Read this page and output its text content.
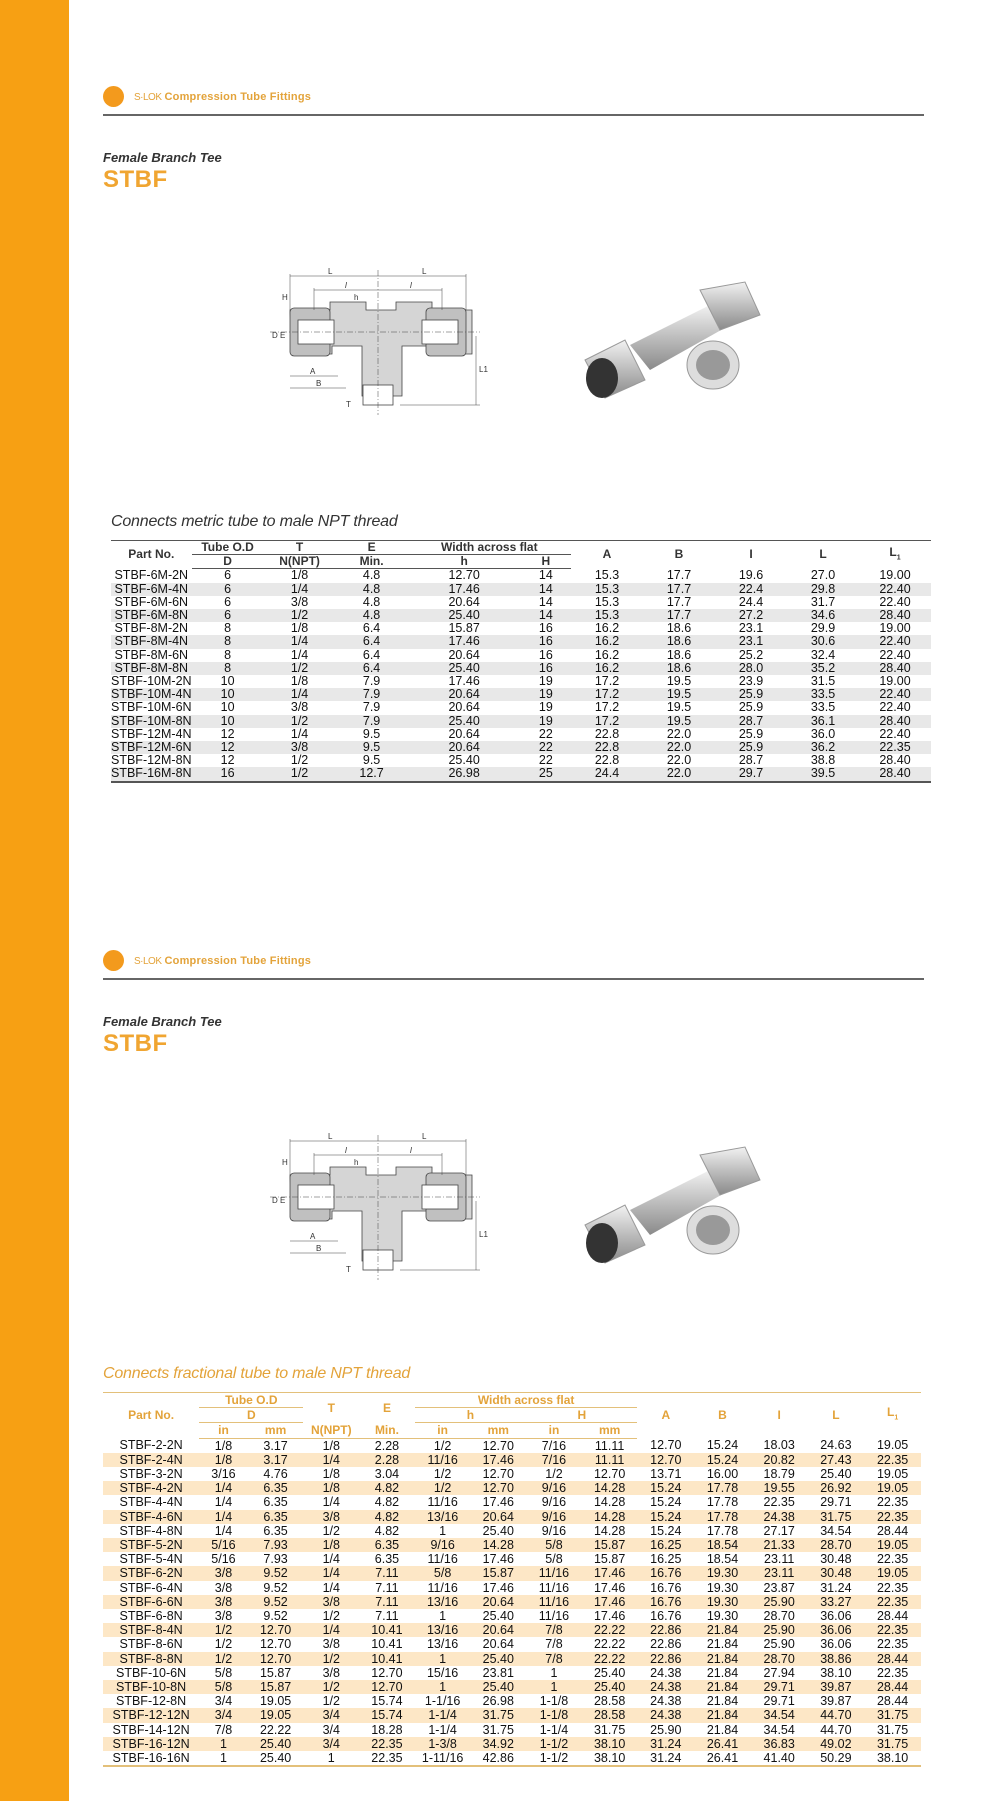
S·LOK Compression Tube Fittings
Female Branch Tee
STBF
L	L
l	l
H	h
D E
A
B
T
L1
Connects metric tube to male NPT thread
Part No.	Tube O.D	T	E	Width across flat		A	B	I	L	$L_1$
	D	N(NPT)	Min.	h	H					
STBF-6M-2N	6	1/8	4.8	12.70	14	15.3	17.7	19.6	27.0	19.00
STBF-6M-4N	6	1/4	4.8	17.46	14	15.3	17.7	22.4	29.8	22.40
STBF-6M-6N	6	3/8	4.8	20.64	14	15.3	17.7	24.4	31.7	22.40
STBF-6M-8N	6	1/2	4.8	25.40	14	15.3	17.7	27.2	34.6	28.40
STBF-8M-2N	8	1/8	6.4	15.87	16	16.2	18.6	23.1	29.9	19.00
STBF-8M-4N	8	1/4	6.4	17.46	16	16.2	18.6	23.1	30.6	22.40
STBF-8M-6N	8	1/4	6.4	20.64	16	16.2	18.6	25.2	32.4	22.40
STBF-8M-8N	8	1/2	6.4	25.40	16	16.2	18.6	28.0	35.2	28.40
STBF-10M-2N	10	1/8	7.9	17.46	19	17.2	19.5	23.9	31.5	19.00
STBF-10M-4N	10	1/4	7.9	20.64	19	17.2	19.5	25.9	33.5	22.40
STBF-10M-6N	10	3/8	7.9	20.64	19	17.2	19.5	25.9	33.5	22.40
STBF-10M-8N	10	1/2	7.9	25.40	19	17.2	19.5	28.7	36.1	28.40
STBF-12M-4N	12	1/4	9.5	20.64	22	22.8	22.0	25.9	36.0	22.40
STBF-12M-6N	12	3/8	9.5	20.64	22	22.8	22.0	25.9	36.2	22.35
STBF-12M-8N	12	1/2	9.5	25.40	22	22.8	22.0	28.7	38.8	28.40
STBF-16M-8N	16	1/2	12.7	26.98	25	24.4	22.0	29.7	39.5	28.40
S·LOK Compression Tube Fittings
Female Branch Tee
STBF
L	L
l	l
H	h
D E
A
B
T
L1
Connects fractional tube to male NPT thread
Part No.	Tube O.D		T	E	Width across flat				A	B	I	L	$L_1$
	D				h		H						
	in	mm	N(NPT)	Min.	in	mm	in	mm					
STBF-2-2N	1/8	3.17	1/8	2.28	1/2	12.70	7/16	11.11	12.70	15.24	18.03	24.63	19.05
STBF-2-4N	1/8	3.17	1/4	2.28	11/16	17.46	7/16	11.11	12.70	15.24	20.82	27.43	22.35
STBF-3-2N	3/16	4.76	1/8	3.04	1/2	12.70	1/2	12.70	13.71	16.00	18.79	25.40	19.05
STBF-4-2N	1/4	6.35	1/8	4.82	1/2	12.70	9/16	14.28	15.24	17.78	19.55	26.92	19.05
STBF-4-4N	1/4	6.35	1/4	4.82	11/16	17.46	9/16	14.28	15.24	17.78	22.35	29.71	22.35
STBF-4-6N	1/4	6.35	3/8	4.82	13/16	20.64	9/16	14.28	15.24	17.78	24.38	31.75	22.35
STBF-4-8N	1/4	6.35	1/2	4.82	1	25.40	9/16	14.28	15.24	17.78	27.17	34.54	28.44
STBF-5-2N	5/16	7.93	1/8	6.35	9/16	14.28	5/8	15.87	16.25	18.54	21.33	28.70	19.05
STBF-5-4N	5/16	7.93	1/4	6.35	11/16	17.46	5/8	15.87	16.25	18.54	23.11	30.48	22.35
STBF-6-2N	3/8	9.52	1/4	7.11	5/8	15.87	11/16	17.46	16.76	19.30	23.11	30.48	19.05
STBF-6-4N	3/8	9.52	1/4	7.11	11/16	17.46	11/16	17.46	16.76	19.30	23.87	31.24	22.35
STBF-6-6N	3/8	9.52	3/8	7.11	13/16	20.64	11/16	17.46	16.76	19.30	25.90	33.27	22.35
STBF-6-8N	3/8	9.52	1/2	7.11	1	25.40	11/16	17.46	16.76	19.30	28.70	36.06	28.44
STBF-8-4N	1/2	12.70	1/4	10.41	13/16	20.64	7/8	22.22	22.86	21.84	25.90	36.06	22.35
STBF-8-6N	1/2	12.70	3/8	10.41	13/16	20.64	7/8	22.22	22.86	21.84	25.90	36.06	22.35
STBF-8-8N	1/2	12.70	1/2	10.41	1	25.40	7/8	22.22	22.86	21.84	28.70	38.86	28.44
STBF-10-6N	5/8	15.87	3/8	12.70	15/16	23.81	1	25.40	24.38	21.84	27.94	38.10	22.35
STBF-10-8N	5/8	15.87	1/2	12.70	1	25.40	1	25.40	24.38	21.84	29.71	39.87	28.44
STBF-12-8N	3/4	19.05	1/2	15.74	1-1/16	26.98	1-1/8	28.58	24.38	21.84	29.71	39.87	28.44
STBF-12-12N	3/4	19.05	3/4	15.74	1-1/4	31.75	1-1/8	28.58	24.38	21.84	34.54	44.70	31.75
STBF-14-12N	7/8	22.22	3/4	18.28	1-1/4	31.75	1-1/4	31.75	25.90	21.84	34.54	44.70	31.75
STBF-16-12N	1	25.40	3/4	22.35	1-3/8	34.92	1-1/2	38.10	31.24	26.41	36.83	49.02	31.75
STBF-16-16N	1	25.40	1	22.35	1-11/16	42.86	1-1/2	38.10	31.24	26.41	41.40	50.29	38.10
